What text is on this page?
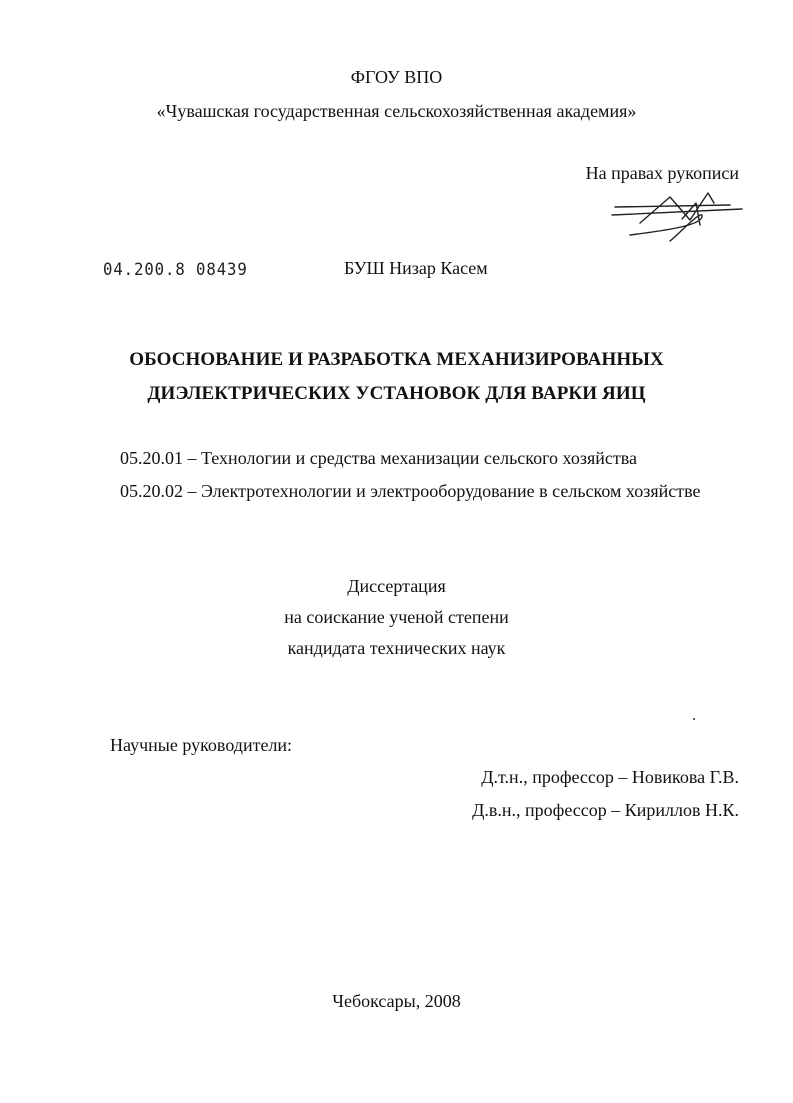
ФГОУ ВПО
«Чувашская государственная сельскохозяйственная академия»
На правах рукописи
04.200.8 08439	БУШ Низар Касем
ОБОСНОВАНИЕ И РАЗРАБОТКА МЕХАНИЗИРОВАННЫХ
ДИЭЛЕКТРИЧЕСКИХ УСТАНОВОК ДЛЯ ВАРКИ ЯИЦ
05.20.01 – Технологии и средства механизации сельского хозяйства
05.20.02 – Электротехнологии и электрооборудование в сельском хозяйстве
Диссертация
на соискание ученой степени
кандидата технических наук
Научные руководители:
Д.т.н., профессор – Новикова Г.В.
Д.в.н., профессор – Кириллов Н.К.
Чебоксары, 2008
